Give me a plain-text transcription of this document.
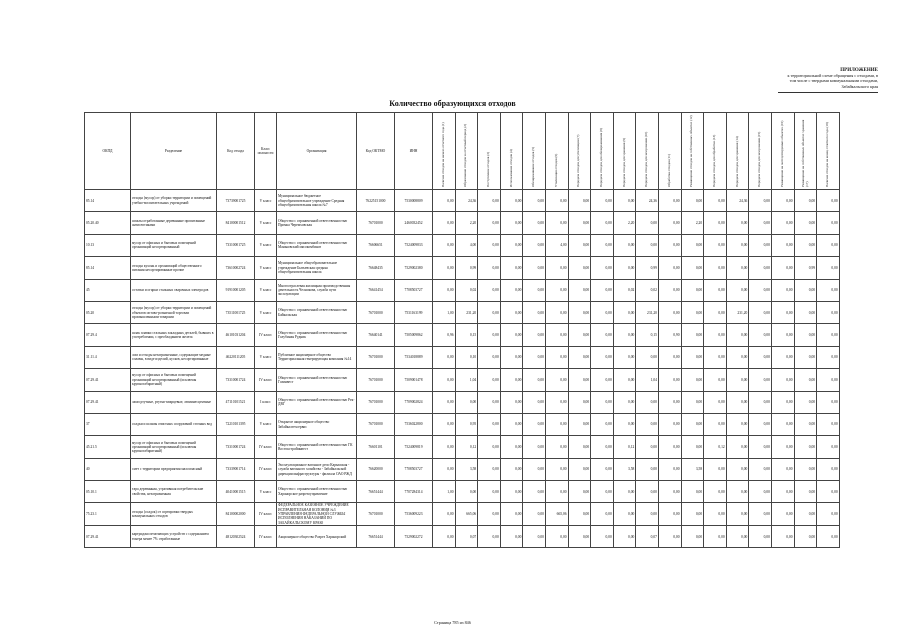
ПРИЛОЖЕНИЕ
к территориальной схеме обращения с отходами, в
том числе с твердыми коммунальными отходами,
Забайкальского края
Количество образующихся отходов
ОКПД	Разделение	Код отхода	Класс опасности	Организация	Код ОКТМО	ИНН	Наличие отходов на начало отчетного года (1)	Образование отходов за отчетный период (2)	Поступление отходов (3)	Использование отходов (4)	Обезвреживание отходов (5)	Утилизация отходов (6)	Передача отходов для утилизации (7)	Передача отходов для обезвреживания (8)	Передача отходов для хранения (9)	Передача отходов для захоронения (10)	Обработка отходов (11)	Размещение отходов на собственных объектах (12)	Передача отходов для обработки (13)	Передача отходов для хранения (14)	Передача отходов для захоронения (15)	Размещение на эксплуатируемых объектах (16)	Размещение на собственных объектах хранения (17)	Наличие отходов на конец отчетного года (18)

85.14	отходы (мусор) от уборки территории и помещений учебно-воспитательных учреждений	73739001725	V класс	Муниципальное бюджетное общеобразовательное учреждение Средняя общеобразовательная школа №7	76225151000	7530008809	0,00	24,36	0,00	0,00	0,00	0,00	0,00	0,00	0,00	24,36	0,00	0,00	0,00	24,36	0,00	0,00	0,00	0,00
05.20.40	шпалы отработанные деревянные пропитанные антисептиками	84100001512	V класс	Общество с ограниченной ответственностью Промка Черемховская	76701000	2460032452	0,00	2,20	0,00	0,00	0,00	0,00	0,00	0,00	2,20	0,00	0,00	2,20	0,00	0,00	0,00	0,00	0,00	0,00
10.13	мусор от офисных и бытовых помещений организаций несортированный	73310001725	V класс	Общество с ограниченной ответственностью Маньковский мясокомбинат	76606651	7524009833	0,00	4,00	0,00	0,00	0,00	4,00	0,00	0,00	0,00	0,00	0,00	0,00	0,00	0,00	0,00	0,00	0,00	0,00
85.14	отходы кухонь и организаций общественного питания несортированные прочие	73610002724	V класс	Муниципальное общеобразовательное учреждение Бытьевская средняя общеобразовательная школа	76648435	7529002380	0,00	0,99	0,00	0,00	0,00	0,00	0,00	0,00	0,00	0,99	0,00	0,00	0,00	0,00	0,00	0,00	0,99	0,00
45	остатки и огарки стальных сварочных электродов	91910001205	V класс	Многоотраслевая жилищная производственная деятельность Челнокова, служба пути эксплуатации	76641454	7708503727	0,00	0,02	0,00	0,00	0,00	0,00	0,00	0,00	0,02	0,02	0,00	0,00	0,00	0,00	0,00	0,00	0,00	0,00
05.20	отходы (мусор) от уборки территории и помещений объектов оптово-розничной торговли промышленными товарами	73511001725	V класс	Общество с ограниченной ответственностью Байкальская	76701000	7531163199	1,00	231,20	0,00	0,00	0,00	0,00	0,00	0,00	0,00	231,20	0,00	0,00	0,00	231,20	0,00	0,00	0,00	0,00
07.29.4	шлак плавки стальных закладных деталей, бывших в употреблении, с преобладанием железа	46101031204	IV класс	Общество с ограниченной ответственностью Голубиная Рудник	76640141	7505009862	0,96	0,15	0,00	0,00	0,00	0,00	0,00	0,00	0,00	0,15	0,90	0,00	0,00	0,00	0,00	0,00	0,00	0,00
31.11.4	лом и отходы незагрязненные, содержащие медные сплавы, в виде изделий, кусков, несортированные	46220111205	V класс	Публичное акционерное общество Территориальная генерирующая компания №14	76701000	7534018889	0,00	0,10	0,00	0,00	0,00	0,00	0,00	0,00	0,00	0,00	0,00	0,00	0,00	0,00	0,00	0,00	0,00	0,00
07.29.41	мусор от офисных и бытовых помещений организаций несортированный (исключая крупногабаритный)	73310001724	IV класс	Общество с ограниченной ответственностью Газинвест	76701000	7509001478	0,00	1,04	0,00	0,00	0,00	0,00	0,00	0,00	0,00	1,04	0,00	0,00	0,00	0,00	0,00	0,00	0,00	0,00
07.29.41	ламп ртутные, ртутно-кварцевые, люминесцентные	47110101521	I класс	Общество с ограниченной ответственностью Рек-ДВГ	76701000	7709002824	0,00	0,00	0,00	0,00	0,00	0,00	0,00	0,00	0,00	0,00	0,00	0,00	0,00	0,00	0,00	0,00	0,00	0,00
37	осадки и шламы очистных сооружений сточных вод	72210101395	V класс	Открытое акционерное общество Забайкалтехсервис	76701000	7536022800	0,00	0,95	0,00	0,00	0,00	0,00	0,00	0,00	0,00	0,00	0,00	0,00	0,00	0,00	0,00	0,00	0,00	0,00
45.21.5	мусор от офисных и бытовых помещений организаций несортированный (исключая крупногабаритный)	73310001724	IV класс	Общество с ограниченной ответственностью ГК Востокстройинвест	76601101	7524009819	0,00	0,12	0,00	0,00	0,00	0,00	0,00	0,00	0,12	0,00	0,00	0,00	0,12	0,00	0,00	0,00	0,00	0,00
40	смет с территории предприятия малоопасный	73339001714	IV класс	Эксплуатационное вагонное депо Карымская - служба вагонного хозяйства - Забайкальской дирекции инфраструктуры - филиала ОАО РЖД	76620000	7708503727	0,00	3,58	0,00	0,00	0,00	0,00	0,00	0,00	3,58	0,00	0,00	3,58	0,00	0,00	0,00	0,00	0,00	0,00
05.10.1	тара деревянная, утратившая потребительские свойства, незагрязненная	40410001515	V класс	Общество с ограниченной ответственностью Харанорское разрезоуправление	76651444	7707284314	1,00	0,00	0,00	0,00	0,00	0,00	0,00	0,00	0,00	0,00	0,00	0,00	0,00	0,00	0,00	0,00	0,00	0,00
75.23.1	отходы (осадок) от сортировки твердых коммунальных отходов	84100002000	IV класс	ФЕДЕРАЛЬНОЕ КАЗЕННОЕ УЧРЕЖДЕНИЕ ИСПРАВИТЕЛЬНАЯ КОЛОНИЯ №3 УПРАВЛЕНИЯ ФЕДЕРАЛЬНОЙ СЛУЖБЫ ИСПОЛНЕНИЯ НАКАЗАНИЙ ПО ЗАБАЙКАЛЬСКОМУ КРАЮ	76701000	7536009223	0,00	665,06	0,00	0,00	0,00	665,06	0,00	0,00	0,00	0,00	0,00	0,00	0,00	0,00	0,00	0,00	0,00	0,00
07.29.41	картриджи печатающих устройств с содержанием тонера менее 7% отработанные	48120302524	IV класс	Акционерное общество Разрез Харанорский	76651444	7529002272	0,00	0,07	0,00	0,00	0,00	0,00	0,00	0,00	0,00	0,07	0,00	0,00	0,00	0,00	0,00	0,00	0,00	0,00
Страница 785 из 846
